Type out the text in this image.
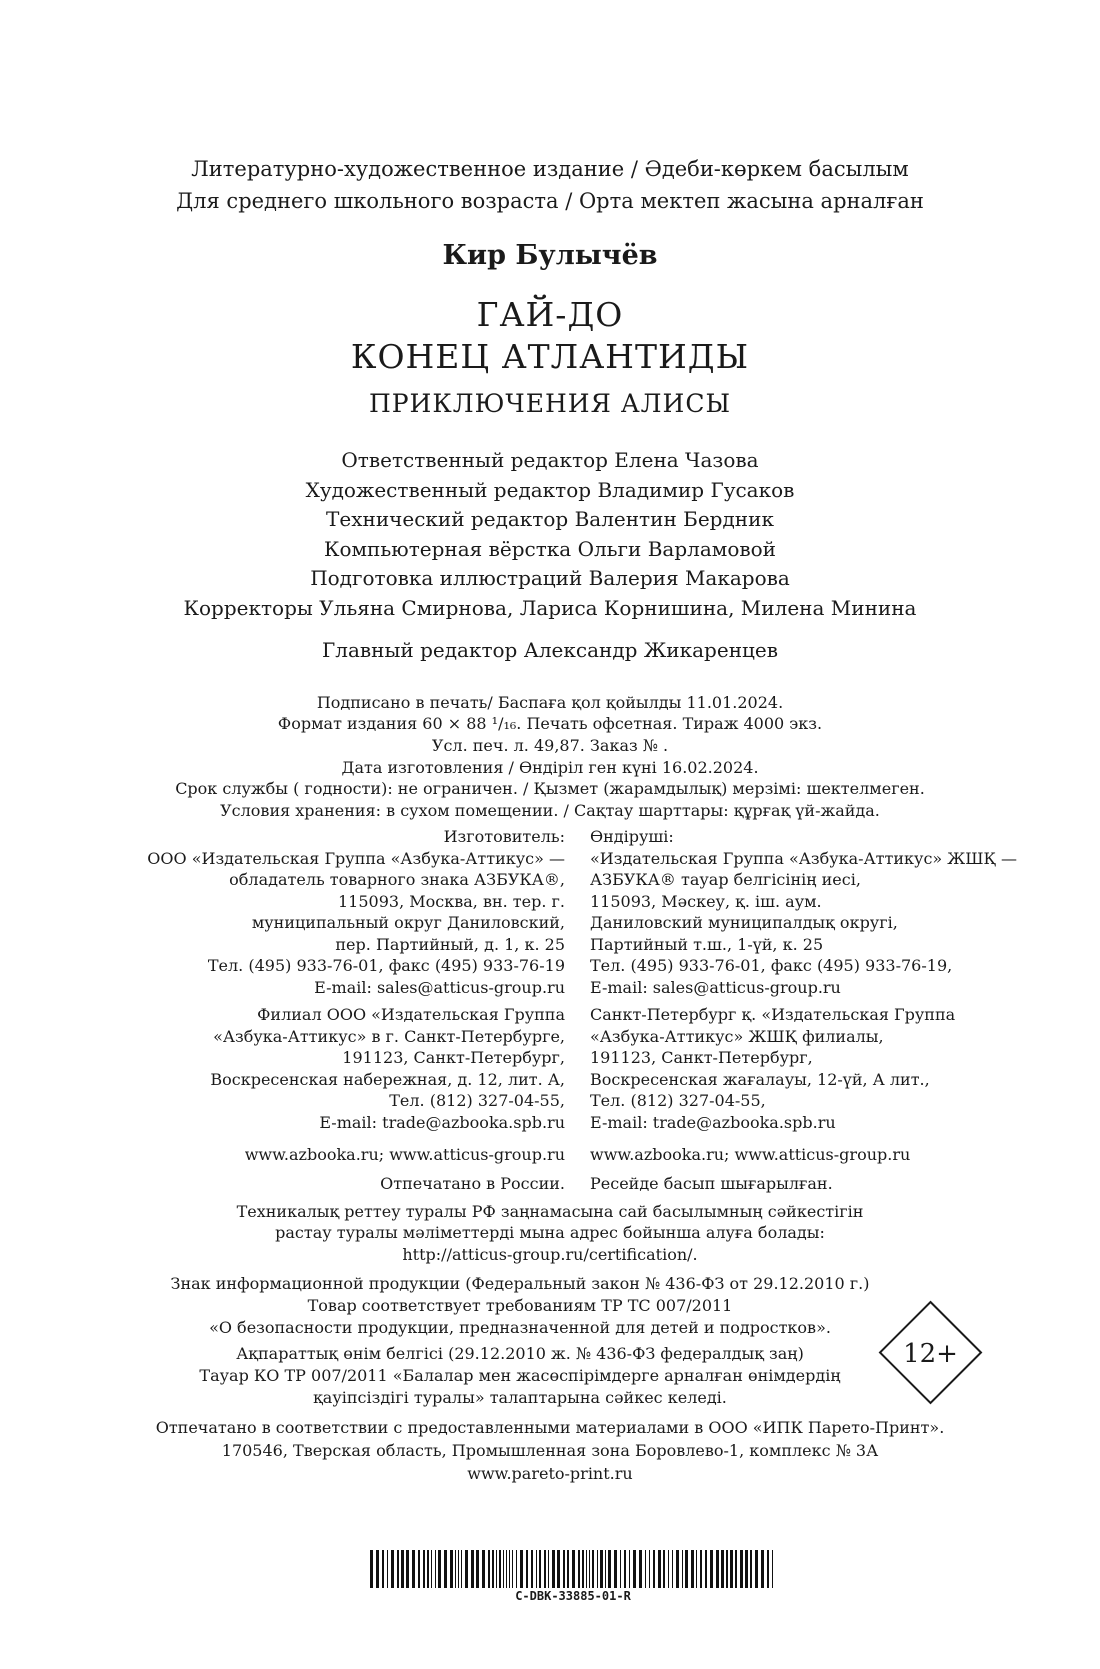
Литературно-художественное издание / Әдеби-көркем басылым
Для среднего школьного возраста / Орта мектеп жасына арналған
Кир Булычёв
ГАЙ-ДО
КОНЕЦ АТЛАНТИДЫ
ПРИКЛЮЧЕНИЯ АЛИСЫ
Ответственный редактор Елена Чазова
Художественный редактор Владимир Гусаков
Технический редактор Валентин Бердник
Компьютерная вёрстка Ольги Варламовой
Подготовка иллюстраций Валерия Макарова
Корректоры Ульяна Смирнова, Лариса Корнишина, Милена Минина
Главный редактор Александр Жикаренцев
Подписано в печать/ Баспаға қол қойылды 11.01.2024.
Формат издания 60 × 88 ¹/₁₆. Печать офсетная. Тираж 4000 экз.
Усл. печ. л. 49,87. Заказ № .
Дата изготовления / Өндіріл ген күні 16.02.2024.
Срок службы ( годности): не ограничен. / Қызмет (жарамдылық) мерзімі: шектелмеген.
Условия хранения: в сухом помещении. / Сақтау шарттары: құрғақ үй-жайда.
Изготовитель:
ООО «Издательская Группа «Азбука-Аттикус» —
обладатель товарного знака АЗБУКА®,
115093, Москва, вн. тер. г.
муниципальный округ Даниловский,
пер. Партийный, д. 1, к. 25
Тел. (495) 933-76-01, факс (495) 933-76-19
E-mail: sales@atticus-group.ru
Өндіруші:
«Издательская Группа «Азбука-Аттикус» ЖШҚ —
АЗБУКА® тауар белгісінің иесі,
115093, Мәскеу, қ. іш. аум.
Даниловский муниципалдық округі,
Партийный т.ш., 1-үй, к. 25
Тел. (495) 933-76-01, факс (495) 933-76-19,
E-mail: sales@atticus-group.ru
Филиал ООО «Издательская Группа
«Азбука-Аттикус» в г. Санкт-Петербурге,
191123, Санкт-Петербург,
Воскресенская набережная, д. 12, лит. А,
Тел. (812) 327-04-55,
E-mail: trade@azbooka.spb.ru
Санкт-Петербург қ. «Издательская Группа
«Азбука-Аттикус» ЖШҚ филиалы,
191123, Санкт-Петербург,
Воскресенская жағалауы, 12-үй, А лит.,
Тел. (812) 327-04-55,
E-mail: trade@azbooka.spb.ru
www.azbooka.ru; www.atticus-group.ru www.azbooka.ru; www.atticus-group.ru
Отпечатано в России. Ресейде басып шығарылған.
Техникалық реттеу туралы РФ заңнамасына сай басылымның сәйкестігін
растау туралы мәліметтерді мына адрес бойынша алуға болады:
http://atticus-group.ru/certification/.
Знак информационной продукции (Федеральный закон № 436-ФЗ от 29.12.2010 г.)
Товар соответствует требованиям ТР ТС 007/2011
«О безопасности продукции, предназначенной для детей и подростков».
Ақпараттық өнім белгісі (29.12.2010 ж. № 436-ФЗ федералдық заң)
Тауар КО ТР 007/2011 «Балалар мен жасөспірімдерге арналған өнімдердің
қауіпсіздігі туралы» талаптарына сәйкес келеді.
12+
Отпечатано в соответствии с предоставленными материалами в ООО «ИПК Парето-Принт».
170546, Тверская область, Промышленная зона Боровлево-1, комплекс № 3А
www.pareto-print.ru
C-DBK-33885-01-R
